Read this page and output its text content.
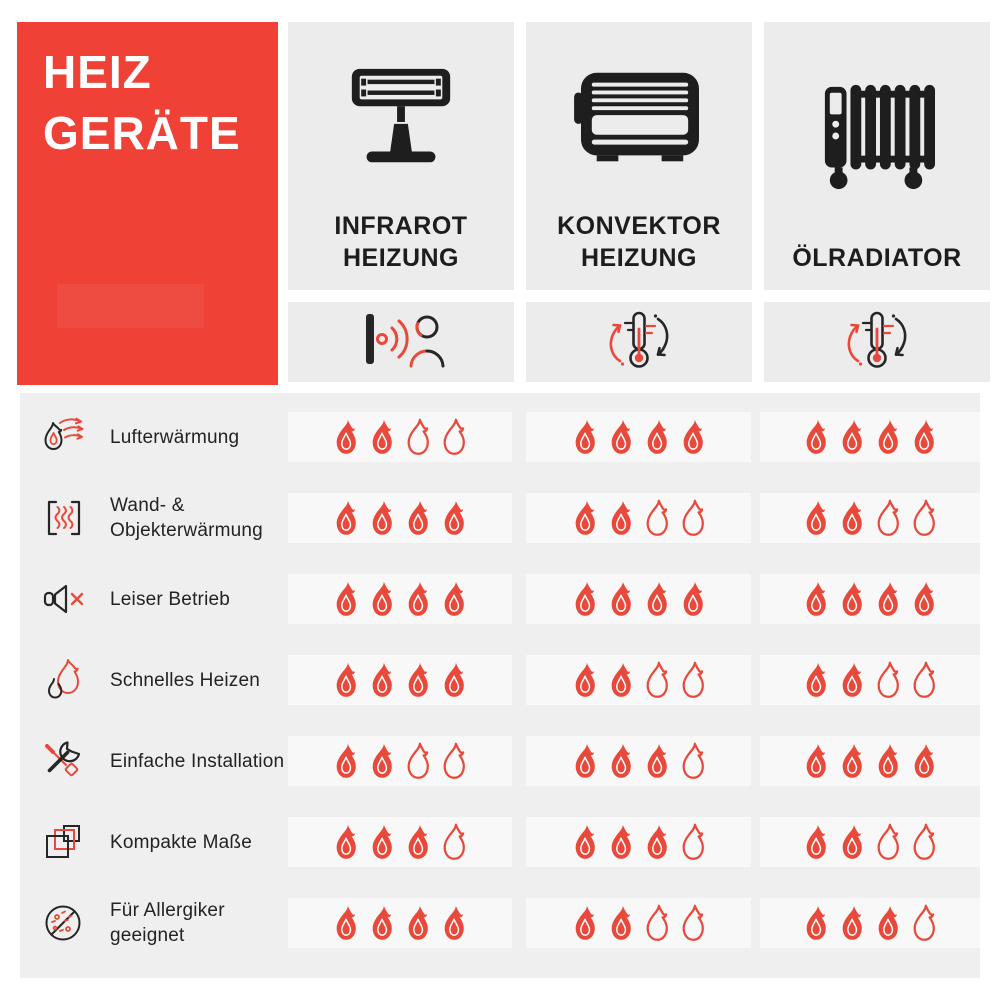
HEIZ
GERÄTE
INFRAROT
HEIZUNG
KONVEKTOR
HEIZUNG	ÖLRADIATOR
Lufterwärmung
Wand- &
Objekterwärmung
Leiser Betrieb
Schnelles Heizen
Einfache Installation
Kompakte Maße
Für Allergiker
geeignet
